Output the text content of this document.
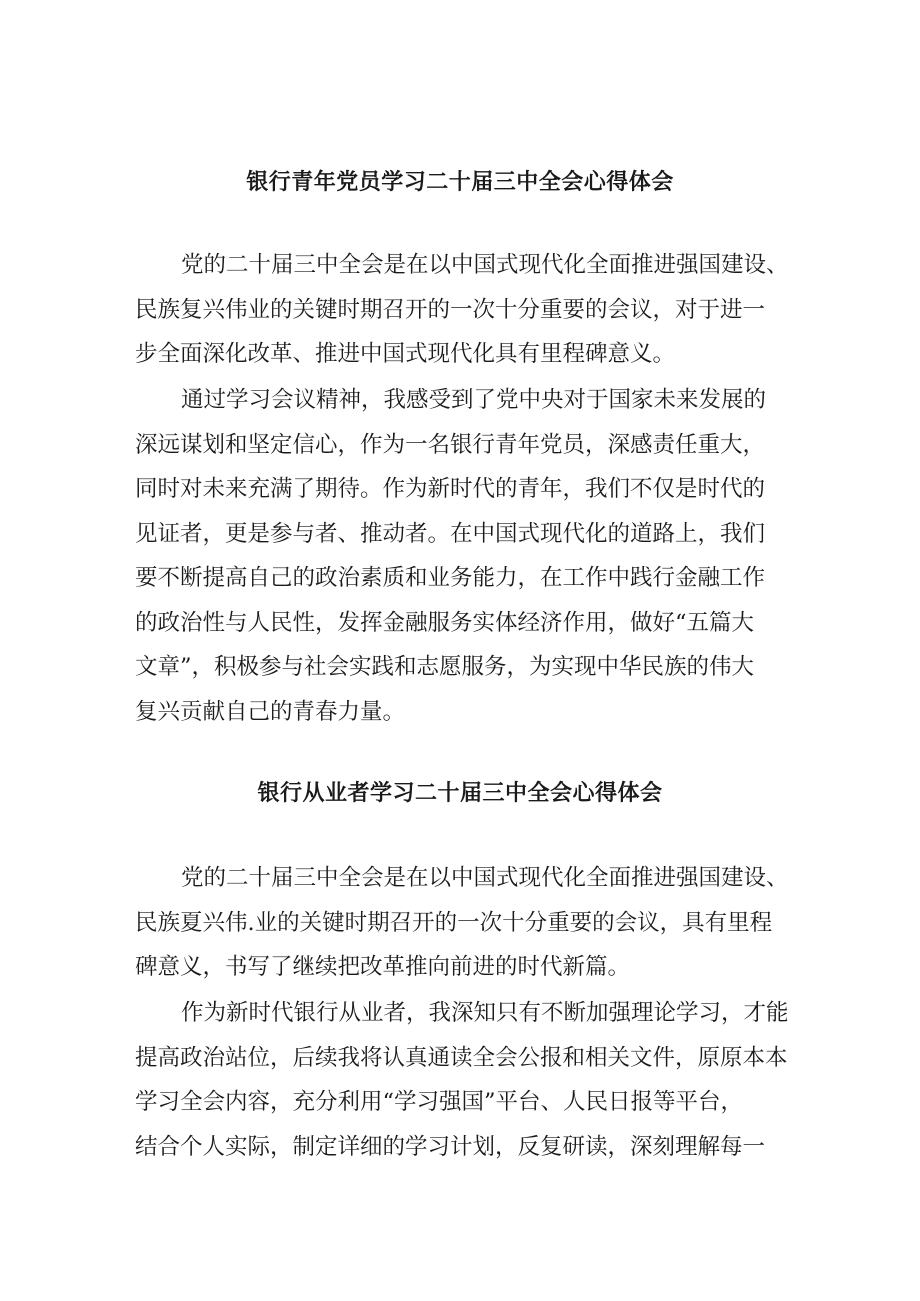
银行青年党员学习二十届三中全会心得体会
党的二十届三中全会是在以中国式现代化全面推进强国建设、
民族复兴伟业的关键时期召开的一次十分重要的会议，对于进一
步全面深化改革、推进中国式现代化具有里程碑意义。
通过学习会议精神，我感受到了党中央对于国家未来发展的
深远谋划和坚定信心，作为一名银行青年党员，深感责任重大，
同时对未来充满了期待。作为新时代的青年，我们不仅是时代的
见证者，更是参与者、推动者。在中国式现代化的道路上，我们
要不断提高自己的政治素质和业务能力，在工作中践行金融工作
的政治性与人民性，发挥金融服务实体经济作用，做好“五篇大
文章”，积极参与社会实践和志愿服务，为实现中华民族的伟大
复兴贡献自己的青春力量。
银行从业者学习二十届三中全会心得体会
党的二十届三中全会是在以中国式现代化全面推进强国建设、
民族夏兴伟.业的关键时期召开的一次十分重要的会议，具有里程
碑意义，书写了继续把改革推向前进的时代新篇。
作为新时代银行从业者，我深知只有不断加强理论学习，才能
提高政治站位，后续我将认真通读全会公报和相关文件，原原本本
学习全会内容，充分利用“学习强国”平台、人民日报等平台，
结合个人实际，制定详细的学习计划，反复研读，深刻理解每一
